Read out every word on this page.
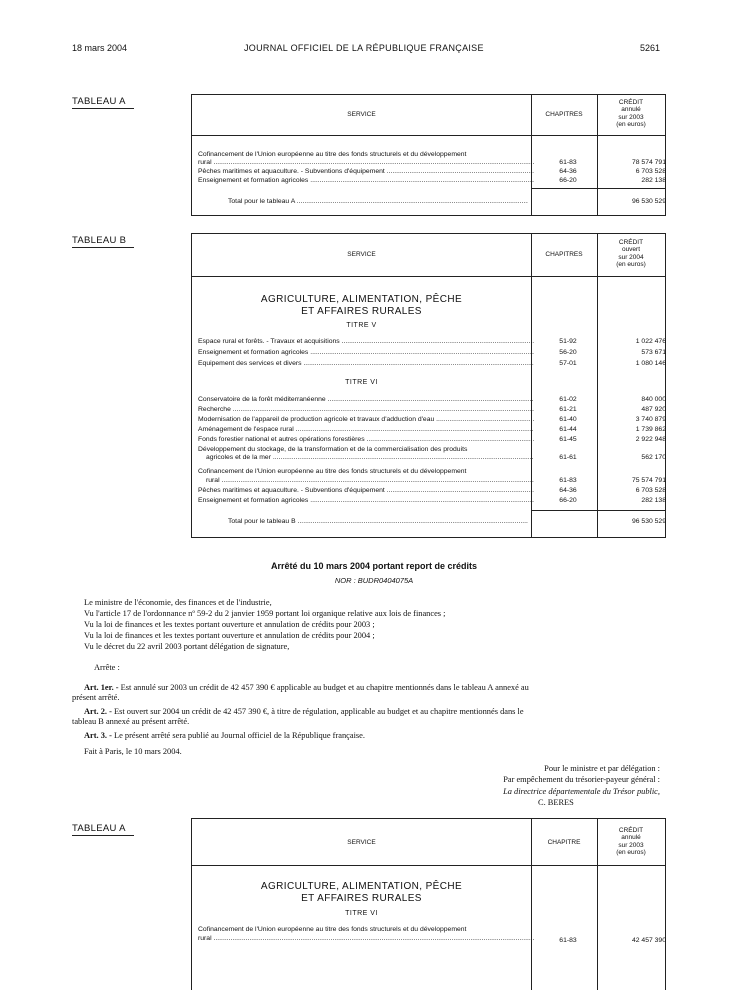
18 mars 2004	JOURNAL OFFICIEL DE LA RÉPUBLIQUE FRANÇAISE	5261
TABLEAU A
SERVICE	CHAPITRES
CRÉDIT
annulé
sur 2003
(en euros)
Cofinancement de l'Union européenne au titre des fonds structurels et du développement
rural .....	61-83	78 574 791
Pêches maritimes et aquaculture. - Subventions d'équipement .....	64-36	6 703 528
Enseignement et formation agricoles .....	66-20	282 138
Total pour le tableau A .....	96 530 529
TABLEAU B
SERVICE	CHAPITRES
CRÉDIT
ouvert
sur 2004
(en euros)
AGRICULTURE, ALIMENTATION, PÊCHE
ET AFFAIRES RURALES
TITRE V
Espace rural et forêts. - Travaux et acquisitions .....	51-92	1 022 476
Enseignement et formation agricoles .....	56-20	573 671
Equipement des services et divers .....	57-01	1 080 146
TITRE VI
Conservatoire de la forêt méditerranéenne .....	61-02	840 000
Recherche .....	61-21	487 920
Modernisation de l'appareil de production agricole et travaux d'adduction d'eau .....	61-40	3 740 879
Aménagement de l'espace rural .....	61-44	1 739 862
Fonds forestier national et autres opérations forestières .....	61-45	2 922 948
Développement du stockage, de la transformation et de la commercialisation des produits
agricoles et de la mer .....	61-61	562 170
Cofinancement de l'Union européenne au titre des fonds structurels et du développement
rural .....	61-83	75 574 791
Pêches maritimes et aquaculture. - Subventions d'équipement .....	64-36	6 703 528
Enseignement et formation agricoles .....	66-20	282 138
Total pour le tableau B .....	96 530 529
Arrêté du 10 mars 2004 portant report de crédits
NOR : BUDR0404075A
Le ministre de l'économie, des finances et de l'industrie,
Vu l'article 17 de l'ordonnance nº 59-2 du 2 janvier 1959 portant loi organique relative aux lois de finances ;
Vu la loi de finances et les textes portant ouverture et annulation de crédits pour 2003 ;
Vu la loi de finances et les textes portant ouverture et annulation de crédits pour 2004 ;
Vu le décret du 22 avril 2003 portant délégation de signature,
Arrête :
Art. 1er. - Est annulé sur 2003 un crédit de 42 457 390 € applicable au budget et au chapitre mentionnés dans le tableau A annexé au
présent arrêté.
Art. 2. - Est ouvert sur 2004 un crédit de 42 457 390 €, à titre de régulation, applicable au budget et au chapitre mentionnés dans le
tableau B annexé au présent arrêté.
Art. 3. - Le présent arrêté sera publié au Journal officiel de la République française.
Fait à Paris, le 10 mars 2004.
Pour le ministre et par délégation :
Par empêchement du trésorier-payeur général :
La directrice départementale du Trésor public,
C. BERES
TABLEAU A
SERVICE	CHAPITRE
CRÉDIT
annulé
sur 2003
(en euros)
AGRICULTURE, ALIMENTATION, PÊCHE
ET AFFAIRES RURALES
TITRE VI
Cofinancement de l'Union européenne au titre des fonds structurels et du développement
rural .....	61-83	42 457 390
